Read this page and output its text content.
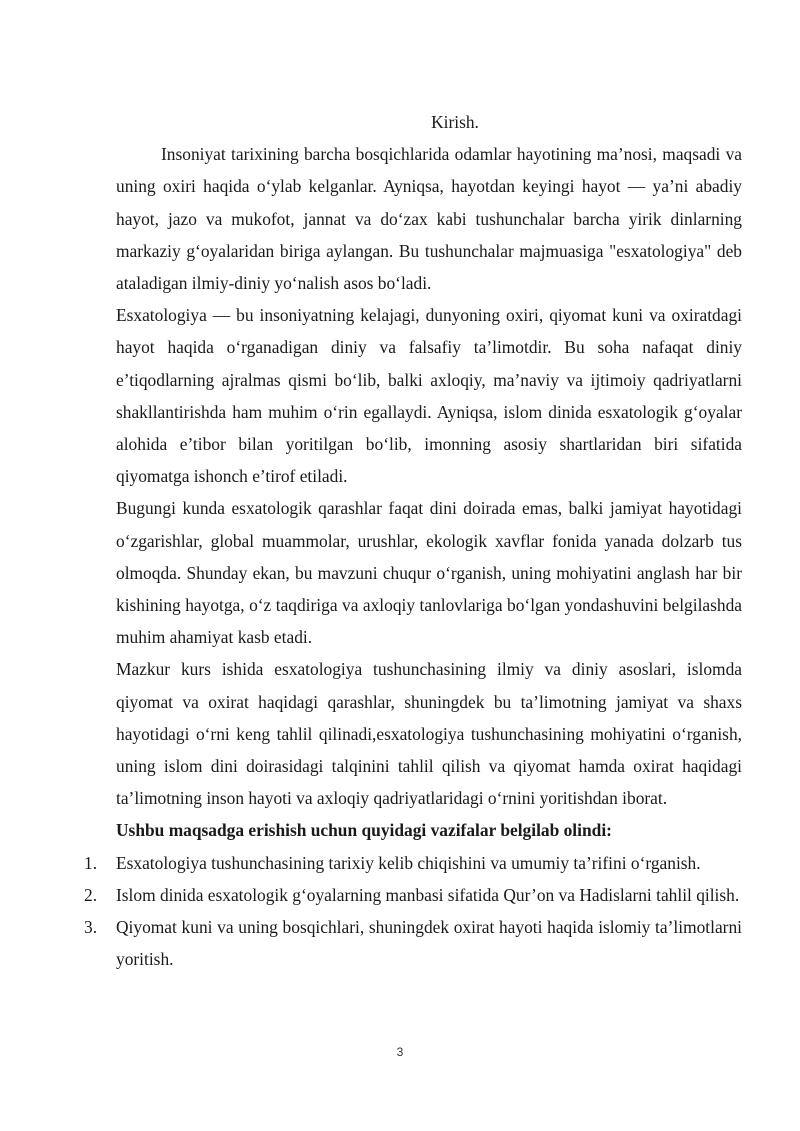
Kirish.

Insoniyat tarixining barcha bosqichlarida odamlar hayotining ma’nosi, maqsadi va uning oxiri haqida o‘ylab kelganlar. Ayniqsa, hayotdan keyingi hayot — ya’ni abadiy hayot, jazo va mukofot, jannat va do‘zax kabi tushunchalar barcha yirik dinlarning markaziy g‘oyalaridan biriga aylangan. Bu tushunchalar majmuasiga "esxatologiya" deb ataladigan ilmiy-diniy yo‘nalish asos bo‘ladi.

Esxatologiya — bu insoniyatning kelajagi, dunyoning oxiri, qiyomat kuni va oxiratdagi hayot haqida o‘rganadigan diniy va falsafiy ta’limotdir. Bu soha nafaqat diniy e’tiqodlarning ajralmas qismi bo‘lib, balki axloqiy, ma’naviy va ijtimoiy qadriyatlarni shakllantirishda ham muhim o‘rin egallaydi. Ayniqsa, islom dinida esxatologik g‘oyalar alohida e’tibor bilan yoritilgan bo‘lib, imonning asosiy shartlaridan biri sifatida qiyomatga ishonch e’tirof etiladi.

Bugungi kunda esxatologik qarashlar faqat dini doirada emas, balki jamiyat hayotidagi o‘zgarishlar, global muammolar, urushlar, ekologik xavflar fonida yanada dolzarb tus olmoqda. Shunday ekan, bu mavzuni chuqur o‘rganish, uning mohiyatini anglash har bir kishining hayotga, o‘z taqdiriga va axloqiy tanlovlariga bo‘lgan yondashuvini belgilashda muhim ahamiyat kasb etadi.

Mazkur kurs ishida esxatologiya tushunchasining ilmiy va diniy asoslari, islomda qiyomat va oxirat haqidagi qarashlar, shuningdek bu ta’limotning jamiyat va shaxs hayotidagi o‘rni keng tahlil qilinadi,esxatologiya tushunchasining mohiyatini o‘rganish, uning islom dini doirasidagi talqinini tahlil qilish va qiyomat hamda oxirat haqidagi ta’limotning inson hayoti va axloqiy qadriyatlaridagi o‘rnini yoritishdan iborat.

Ushbu maqsadga erishish uchun quyidagi vazifalar belgilab olindi:

1. Esxatologiya tushunchasining tarixiy kelib chiqishini va umumiy ta’rifini o‘rganish.
2. Islom dinida esxatologik g‘oyalarning manbasi sifatida Qur’on va Hadislarni tahlil qilish.
3. Qiyomat kuni va uning bosqichlari, shuningdek oxirat hayoti haqida islomiy ta’limotlarni yoritish.
3
